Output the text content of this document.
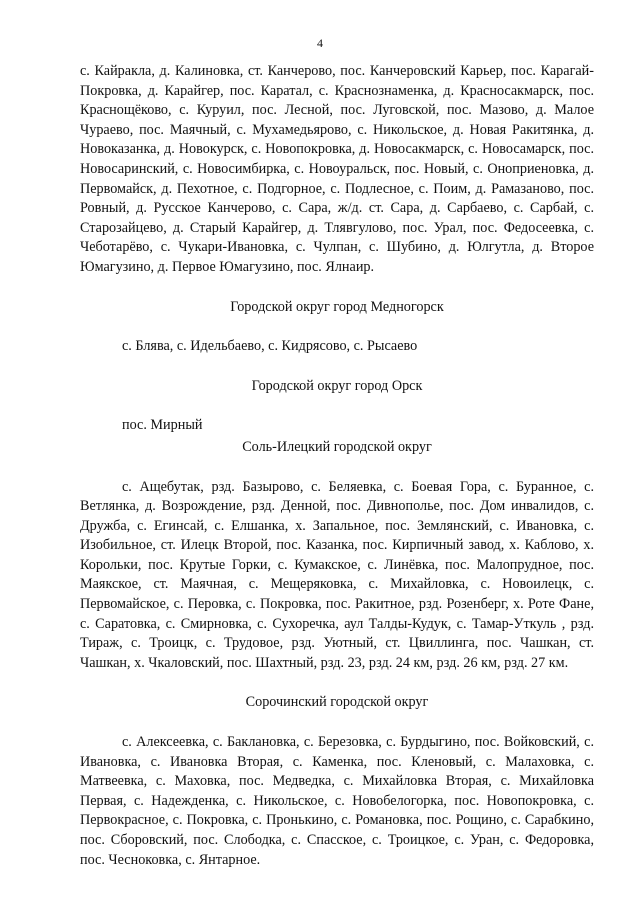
4

с. Кайракла, д. Калиновка, ст. Канчерово, пос. Канчеровский Карьер, пос. Карагай-Покровка, д. Карайгер, пос. Каратал, с. Краснознаменка, д. Красносакмарск, пос. Краснощёково, с. Куруил, пос. Лесной, пос. Луговской, пос. Мазово, д. Малое Чураево, пос. Маячный, с. Мухамедьярово, с. Никольское, д. Новая Ракитянка, д. Новоказанка, д. Новокурск, с. Новопокровка, д. Новосакмарск, с. Новосамарск, пос. Новосаринский, с. Новосимбирка, с. Новоуральск, пос. Новый, с. Оноприеновка, д. Первомайск, д. Пехотное, с. Подгорное, с. Подлесное, с. Поим, д. Рамазаново, пос. Ровный, д. Русское Канчерово, с. Сара, ж/д. ст. Сара, д. Сарбаево, с. Сарбай, с. Старозайцево, д. Старый Карайгер, д. Тлявгулово, пос. Урал, пос. Федосеевка, с. Чеботарёво, с. Чукари-Ивановка, с. Чулпан, с. Шубино, д. Юлгутла, д. Второе Юмагузино, д. Первое Юмагузино, пос. Ялнаир.

Городской округ город Медногорск

с. Блява, с. Идельбаево, с. Кидрясово, с. Рысаево

Городской округ город Орск

пос. Мирный

Соль-Илецкий городской округ

с. Ащебутак, рзд. Базырово, с. Беляевка, с. Боевая Гора, с. Буранное, с. Ветлянка, д. Возрождение, рзд. Денной, пос. Дивнополье, пос. Дом инвалидов, с. Дружба, с. Егинсай, с. Елшанка, х. Запальное, пос. Землянский, с. Ивановка, с. Изобильное, ст. Илецк Второй, пос. Казанка, пос. Кирпичный завод, х. Каблово, х. Корольки, пос. Крутые Горки, с. Кумакское, с. Линёвка, пос. Малопрудное, пос. Маякское, ст. Маячная, с. Мещеряковка, с. Михайловка, с. Новоилецк, с. Первомайское, с. Перовка, с. Покровка, пос. Ракитное, рзд. Розенберг, х. Роте Фане, с. Саратовка, с. Смирновка, с. Сухоречка, аул Талды-Кудук, с. Тамар-Уткуль , рзд. Тираж, с. Троицк, с. Трудовое, рзд. Уютный, ст. Цвиллинга, пос. Чашкан, ст. Чашкан, х. Чкаловский, пос. Шахтный, рзд. 23, рзд. 24 км, рзд. 26 км, рзд. 27 км.

Сорочинский городской округ

с. Алексеевка, с. Баклановка, с. Березовка, с. Бурдыгино, пос. Войковский, с. Ивановка, с. Ивановка Вторая, с. Каменка, пос. Кленовый, с. Малаховка, с. Матвеевка, с. Маховка, пос. Медведка, с. Михайловка Вторая, с. Михайловка Первая, с. Надежденка, с. Никольское, с. Новобелогорка, пос. Новопокровка, с. Первокрасное, с. Покровка, с. Пронькино, с. Романовка, пос. Рощино, с. Сарабкино, пос. Сборовский, пос. Слободка, с. Спасское, с. Троицкое, с. Уран, с. Федоровка, пос. Чесноковка, с. Янтарное.
